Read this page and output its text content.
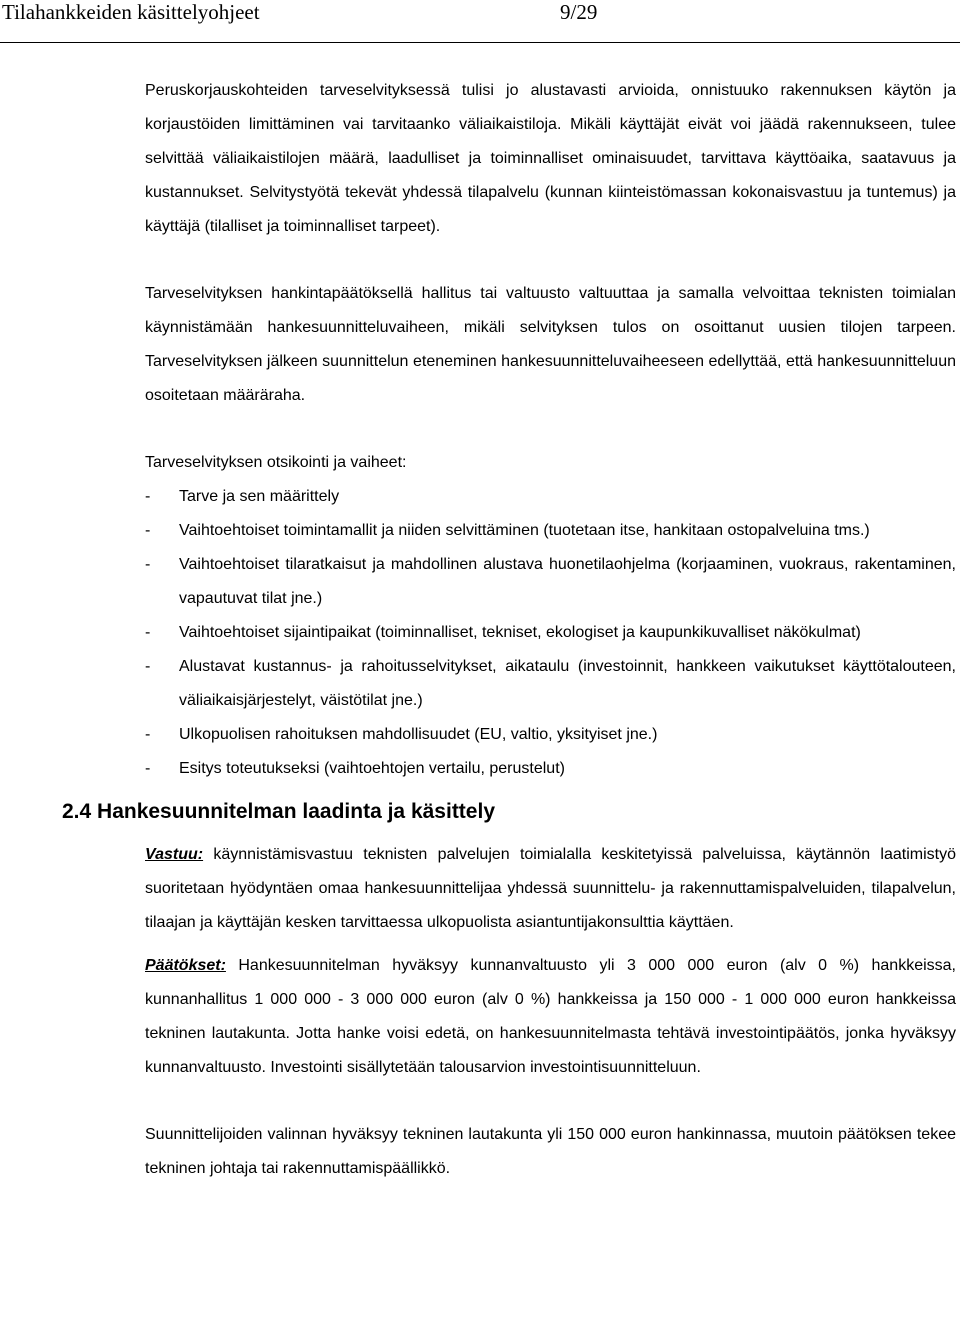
Tilahankkeiden käsittelyohjeet	9/29

Peruskorjauskohteiden tarveselvityksessä tulisi jo alustavasti arvioida, onnistuuko rakennuksen käytön ja korjaustöiden limittäminen vai tarvitaanko väliaikaistiloja. Mikäli käyttäjät eivät voi jäädä rakennukseen, tulee selvittää väliaikaistilojen määrä, laadulliset ja toiminnalliset ominaisuudet, tarvittava käyttöaika, saatavuus ja kustannukset. Selvitystyötä tekevät yhdessä tilapalvelu (kunnan kiinteistömassan kokonaisvastuu ja tuntemus) ja käyttäjä (tilalliset ja toiminnalliset tarpeet).

Tarveselvityksen hankintapäätöksellä hallitus tai valtuusto valtuuttaa ja samalla velvoittaa teknisten toimialan käynnistämään hankesuunnitteluvaiheen, mikäli selvityksen tulos on osoittanut uusien tilojen tarpeen. Tarveselvityksen jälkeen suunnittelun eteneminen hankesuunnitteluvaiheeseen edellyttää, että hankesuunnitteluun osoitetaan määräraha.

Tarveselvityksen otsikointi ja vaiheet:

- Tarve ja sen määrittely
- Vaihtoehtoiset toimintamallit ja niiden selvittäminen (tuotetaan itse, hankitaan ostopalveluina tms.)
- Vaihtoehtoiset tilaratkaisut ja mahdollinen alustava huonetilaohjelma (korjaaminen, vuokraus, rakentaminen, vapautuvat tilat jne.)
- Vaihtoehtoiset sijaintipaikat (toiminnalliset, tekniset, ekologiset ja kaupunkikuvalliset näkökulmat)
- Alustavat kustannus- ja rahoitusselvitykset, aikataulu (investoinnit, hankkeen vaikutukset käyttötalouteen, väliaikaisjärjestelyt, väistötilat jne.)
- Ulkopuolisen rahoituksen mahdollisuudet (EU, valtio, yksityiset jne.)
- Esitys toteutukseksi (vaihtoehtojen vertailu, perustelut)
2.4 Hankesuunnitelman laadinta ja käsittely

Vastuu: käynnistämisvastuu teknisten palvelujen toimialalla keskitetyissä palveluissa, käytännön laatimistyö suoritetaan hyödyntäen omaa hankesuunnittelijaa yhdessä suunnittelu- ja rakennuttamispalveluiden, tilapalvelun, tilaajan ja käyttäjän kesken tarvittaessa ulkopuolista asiantuntijakonsulttia käyttäen.

Päätökset: Hankesuunnitelman hyväksyy kunnanvaltuusto yli 3 000 000 euron (alv 0 %) hankkeissa, kunnanhallitus 1 000 000 - 3 000 000 euron (alv 0 %) hankkeissa ja 150 000 - 1 000 000 euron hankkeissa tekninen lautakunta. Jotta hanke voisi edetä, on hankesuunnitelmasta tehtävä investointipäätös, jonka hyväksyy kunnanvaltuusto. Investointi sisällytetään talousarvion investointisuunnitteluun.

Suunnittelijoiden valinnan hyväksyy tekninen lautakunta yli 150 000 euron hankinnassa, muutoin päätöksen tekee tekninen johtaja tai rakennuttamispäällikkö.
